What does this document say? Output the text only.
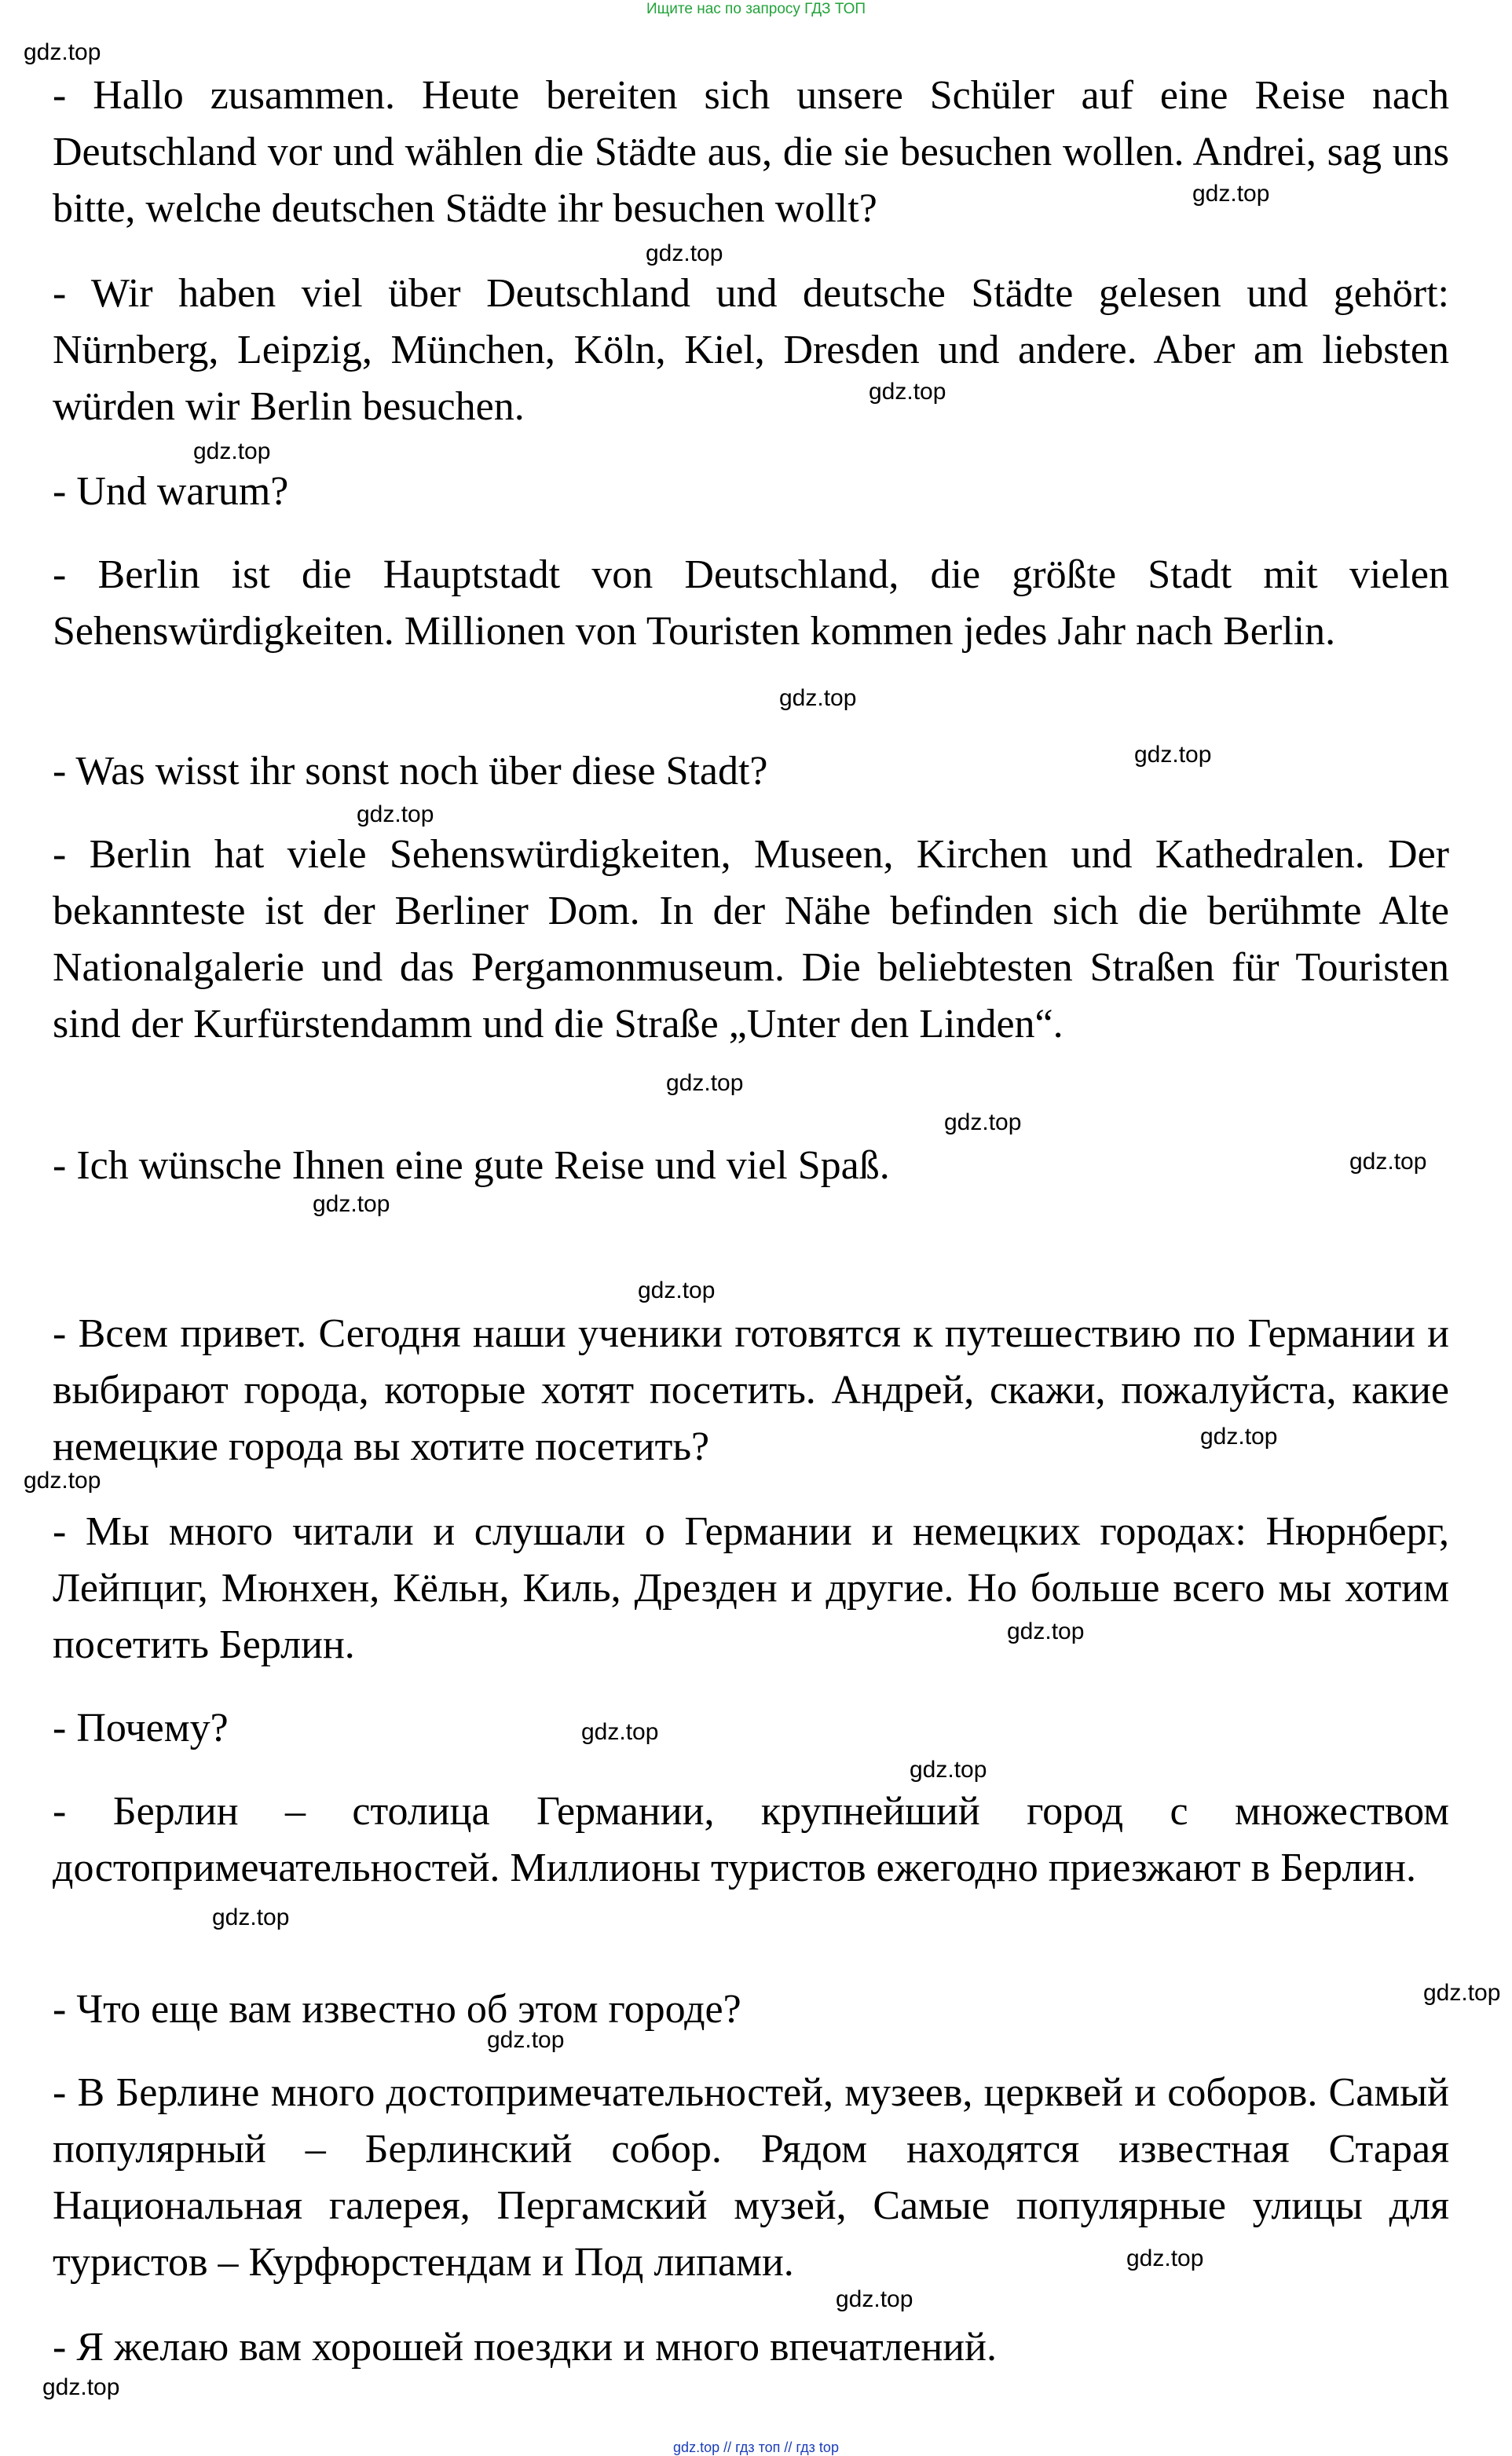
Ищите нас по запросу ГДЗ ТОП

- Hallo zusammen. Heute bereiten sich unsere Schüler auf eine Reise nach Deutschland vor und wählen die Städte aus, die sie besuchen wollen. Andrei, sag uns bitte, welche deutschen Städte ihr besuchen wollt?

- Wir haben viel über Deutschland und deutsche Städte gelesen und gehört: Nürnberg, Leipzig, München, Köln, Kiel, Dresden und andere. Aber am liebsten würden wir Berlin besuchen.

- Und warum?

- Berlin ist die Hauptstadt von Deutschland, die größte Stadt mit vielen Sehenswürdigkeiten. Millionen von Touristen kommen jedes Jahr nach Berlin.

- Was wisst ihr sonst noch über diese Stadt?

- Berlin hat viele Sehenswürdigkeiten, Museen, Kirchen und Kathedralen. Der bekannteste ist der Berliner Dom. In der Nähe befinden sich die berühmte Alte Nationalgalerie und das Pergamonmuseum. Die beliebtesten Straßen für Touristen sind der Kurfürstendamm und die Straße „Unter den Linden“.

- Ich wünsche Ihnen eine gute Reise und viel Spaß.

- Всем привет. Сегодня наши ученики готовятся к путешествию по Германии и выбирают города, которые хотят посетить. Андрей, скажи, пожалуйста, какие немецкие города вы хотите посетить?

- Мы много читали и слушали о Германии и немецких городах: Нюрнберг, Лейпциг, Мюнхен, Кёльн, Киль, Дрезден и другие. Но больше всего мы хотим посетить Берлин.

- Почему?

- Берлин – столица Германии, крупнейший город с множеством достопримечательностей. Миллионы туристов ежегодно приезжают в Берлин.

- Что еще вам известно об этом городе?

- В Берлине много достопримечательностей, музеев, церквей и соборов. Самый популярный – Берлинский собор. Рядом находятся известная Старая Национальная галерея, Пергамский музей, Самые популярные улицы для туристов – Курфюрстендам и Под липами.

- Я желаю вам хорошей поездки и много впечатлений.

gdz.top
gdz.top
gdz.top
gdz.top
gdz.top
gdz.top
gdz.top
gdz.top
gdz.top
gdz.top
gdz.top
gdz.top
gdz.top
gdz.top
gdz.top
gdz.top
gdz.top
gdz.top
gdz.top
gdz.top
gdz.top
gdz.top
gdz.top
gdz.top
gdz.top // гдз топ // гдз top
